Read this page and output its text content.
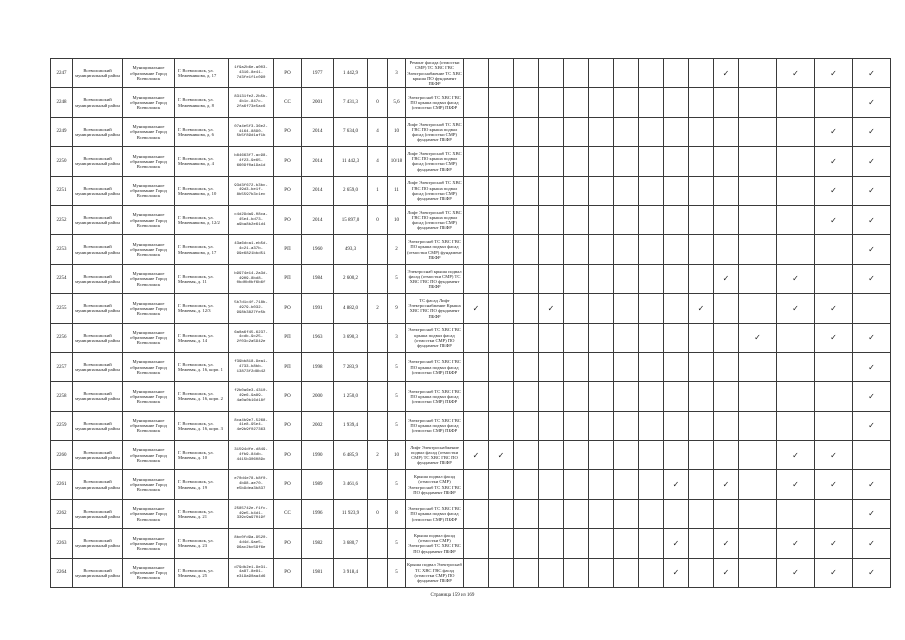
2247	Всеволожский муниципальный район	Муниципальное образование Город Всеволожск	Г. Всеволожск, ул. Межевникова, д. 17	1f9a2b6e-a003-4316-8e41-7d3fe1f1c090	РО	1977	1 442,9		3	Ремонт фасада (отмостки СМР) ТС ХВС ГВС Электроснабжение ТС ХВС крыша ПО фундамент ПБФР											✓		✓	✓	✓
2248	Всеволожский муниципальный район	Муниципальное образование Город Всеволожск	Г. Всеволожск, ул. Межевникова, д. 8	83131fe2-2b5b-4b1c-847c-2fa6f73e5ac6	СС	2001	7 431,3	0	5,6	Электроснаб ТС ХВС ГВС ПО крыша подвал фасад (отмостки СМР) ПБФР															✓
2249	Всеволожский муниципальный район	Муниципальное образование Город Всеволожск	Г. Всеволожск, ул. Межевникова, д. 6	07a4e5f3-36e2-4164-8890-5b5f89d1af1b	РО	2014	7 634,0	4	10	Лифт Электроснаб ТС ХВС ГВС ПО крыша подвал фасад (отмостки СМР) фундамент ПБФР														✓	✓
2250	Всеволожский муниципальный район	Муниципальное образование Город Всеволожск	Г. Всеволожск, ул. Межевникова, д. 4	b84663f7-ac98-4f23-9e65-6609f0a19a1d	РО	2014	11 442,3	4	10/18	Лифт Электроснаб ТС ХВС ГВС ПО крыша подвал фасад (отмостки СМР) фундамент ПБФР														✓	✓
2251	Всеволожский муниципальный район	Муниципальное образование Город Всеволожск	Г. Всеволожск, ул. Межевникова, д. 10	93d3f672-b3bc-49d3-be1f-8b5597b3c1ec	РО	2014	2 659,0	1	11	Лифт Электроснаб ТС ХВС ГВС ПО крыша подвал фасад (отмостки СМР) фундамент ПБФР														✓	✓
2252	Всеволожский муниципальный район	Муниципальное образование Город Всеволожск	Г. Всеволожск, ул. Межевникова, д. 12/2	c4d29da9-08ca-45e4-bd73-a9ba8b2e61d4	РО	2014	15 897,0	0	10	Лифт Электроснаб ТС ХВС ГВС ПО крыша подвал фасад (отмостки СМР) фундамент ПБФР														✓	✓
2253	Всеволожский муниципальный район	Муниципальное образование Город Всеволожск	Г. Всеволожск, ул. Межевникова, д. 17	43a6dca1-eb5d-4c21-a37b-99e6821bbd51	РП	1960	493,3		2	Электроснаб ТС ХВС ГВС ПО крыша подвал фасад (отмостки СМР) фундамент ПБФР															✓
2254	Всеволожский муниципальный район	Муниципальное образование Город Всеволожск	Г. Всеволожск, ул. Межевая, д. 11	b9974e14-2a3d-4909-8bd8-0bd0b0bf6b6f	РП	1984	2 600,2		5	Электроснаб крыша подвал фасад (отмостки СМР) ТС ХВС ГВС ПО фундамент ПБФР											✓		✓		✓
2255	Всеволожский муниципальный район	Муниципальное образование Город Всеволожск	Г. Всеволожск, ул. Межевая, д. 12/3	5b7d1c4f-718b-4979-b032-998b3827fe5b	РО	1991	4 882,0	2	9	ТС фасад Лифт Электроснабжение Крыша ХВС ГВС ПО фундамент ПБФР	✓			✓						✓			✓	✓	
2256	Всеволожский муниципальный район	Муниципальное образование Город Всеволожск	Г. Всеволожск, ул. Межевая, д. 14	6a0a6f45-6237-4cdb-9c25-2f03c2a5942e	РП	1963	3 690,3		3	Электроснаб ТС ХВС ГВС крыша подвал фасад (отмостки СМР) ПО фундамент ПБФР												✓		✓	✓
2257	Всеволожский муниципальный район	Муниципальное образование Город Всеволожск	Г. Всеволожск, ул. Межевая, д. 16, корп. 1	f39bb818-9ea1-4733-b8bb-13873f2d8b42	РП	1998	7 283,9		5	Электроснаб ТС ХВС ГВС ПО крыша подвал фасад (отмостки СМР) ПБФР															✓
2258	Всеволожский муниципальный район	Муниципальное образование Город Всеволожск	Г. Всеволожск, ул. Межевая, д. 16, корп. 2	f2b0a6e3-4310-49e6-9a89-4a0a0b16d18f	РО	2000	1 250,0		5	Электроснаб ТС ХВС ГВС ПО крыша подвал фасад (отмостки СМР) ПБФР															✓
2259	Всеволожский муниципальный район	Муниципальное образование Город Всеволожск	Г. Всеволожск, ул. Межевая, д. 16, корп. 3	8ca4b9e7-5268-41e8-95e4-4e9b9f027363	РО	2002	1 939,4		5	Электроснаб ТС ХВС ГВС ПО крыша подвал фасад (отмостки СМР) ПБФР															✓
2260	Всеволожский муниципальный район	Муниципальное образование Город Всеволожск	Г. Всеволожск, ул. Межевая, д. 10	31594dfe-d849-4fb9-84db-4415b306089c	РО	1990	6 485,9	2	10	Лифт Электроснабжение подвал фасад (отмостки СМР) ТС ХВС ГВС ПО фундамент ПБФР	✓	✓											✓	✓	
2261	Всеволожский муниципальный район	Муниципальное образование Город Всеволожск	Г. Всеволожск, ул. Межевая, д. 19	e70d4e78-b8f0-4b98-ae70-e5b9dea3b837	РО	1989	3 461,6		5	Крыша подвал фасад (отмостки СМР) Электроснаб ТС ХВС ГВС ПО фундамент ПБФР									✓		✓		✓	✓	✓
2262	Всеволожский муниципальный район	Муниципальное образование Город Всеволожск	Г. Всеволожск, ул. Межевая, д. 21	2585742e-f1fc-49e5-b4d1-339c9a97019f	СС	1996	11 923,9	0	8	Электроснаб ТС ХВС ГВС ПО крыша подвал фасад (отмостки СМР) ПБФР															✓
2263	Всеволожский муниципальный район	Муниципальное образование Город Всеволожск	Г. Всеволожск, ул. Межевая, д. 23	8bc0fd9a-9520-4d4d-9ae5-96ac2bc59f6e	РО	1982	3 680,7		5	Крыша подвал фасад (отмостки СМР) Электроснаб ТС ХВС ГВС ПО фундамент ПБФР									✓		✓		✓	✓	✓
2264	Всеволожский муниципальный район	Муниципальное образование Город Всеволожск	Г. Всеволожск, ул. Межевая, д. 25	d79db2e1-9e31-4a87-8e81-e319a90aa4d6	РО	1981	3 918,4		5	Крыша подвал Электроснаб ТС ХВС ГВС фасад (отмостки СМР) ПО фундамент ПБФР									✓		✓		✓	✓	✓
Страница 159 из 169
